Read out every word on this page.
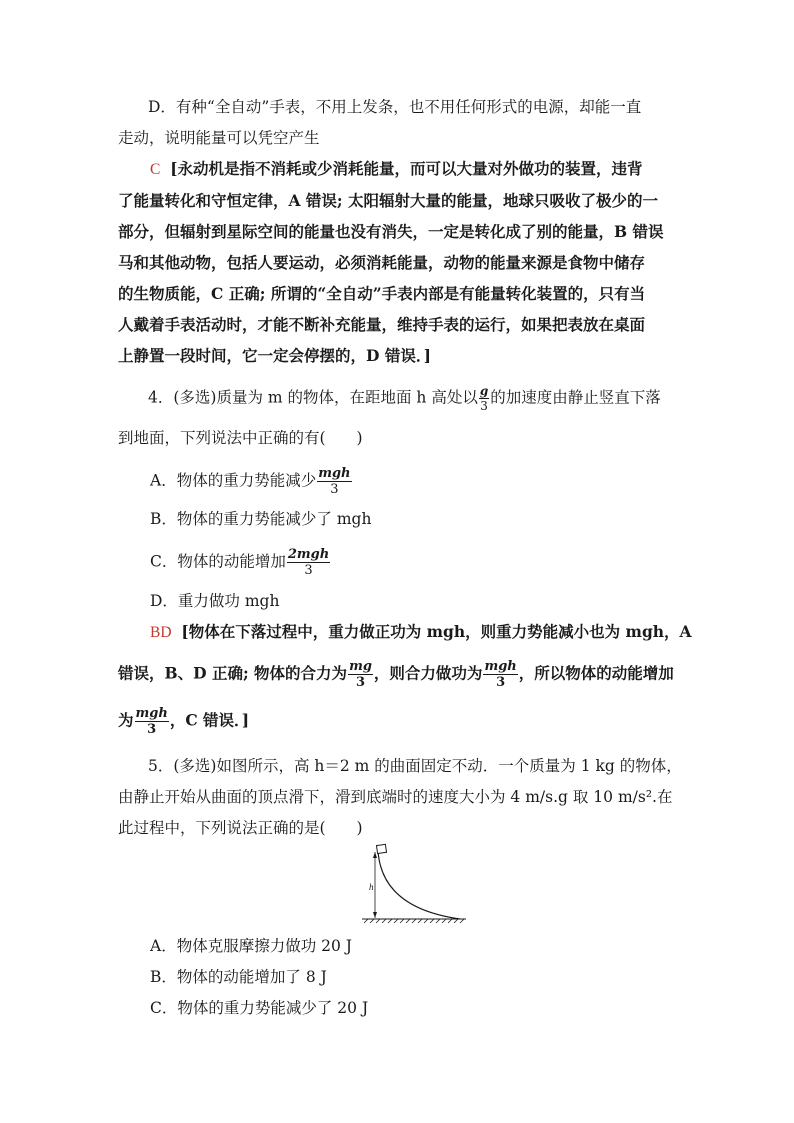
D．有种“全自动”手表，不用上发条，也不用任何形式的电源，却能一直
走动，说明能量可以凭空产生
C [永动机是指不消耗或少消耗能量，而可以大量对外做功的装置，违背
了能量转化和守恒定律，A 错误; 太阳辐射大量的能量，地球只吸收了极少的一
部分，但辐射到星际空间的能量也没有消失，一定是转化成了别的能量，B 错误
马和其他动物，包括人要运动，必须消耗能量，动物的能量来源是食物中储存
的生物质能，C 正确; 所谓的“全自动”手表内部是有能量转化装置的，只有当
人戴着手表活动时，才能不断补充能量，维持手表的运行，如果把表放在桌面
上静置一段时间，它一定会停摆的，D 错误．]
4．(多选)质量为 m 的物体，在距地面 h 高处以 $\frac{g}{3}$ 的加速度由静止竖直下落
到地面，下列说法中正确的有(　　)
A．物体的重力势能减少 $\frac{\text{mgh}}{3}$
B．物体的重力势能减少了 mgh
C．物体的动能增加 $\frac{\text{2mgh}}{3}$
D．重力做功 mgh
BD [物体在下落过程中，重力做正功为 mgh，则重力势能减小也为 mgh，A
错误，B、D 正确; 物体的合力为 $\frac{mg}{3}$ ，则合力做功为 $\frac{\text{mgh}}{3}$ ，所以物体的动能增加
为 $\frac{\text{mgh}}{3}$ ，C 错误．]
5．(多选)如图所示，高 h＝2 m 的曲面固定不动．一个质量为 1 kg 的物体，
由静止开始从曲面的顶点滑下，滑到底端时的速度大小为 4 m/s.g 取 10 m/s².在
此过程中，下列说法正确的是(　　)
h
A．物体克服摩擦力做功 20 J
B．物体的动能增加了 8 J
C．物体的重力势能减少了 20 J
